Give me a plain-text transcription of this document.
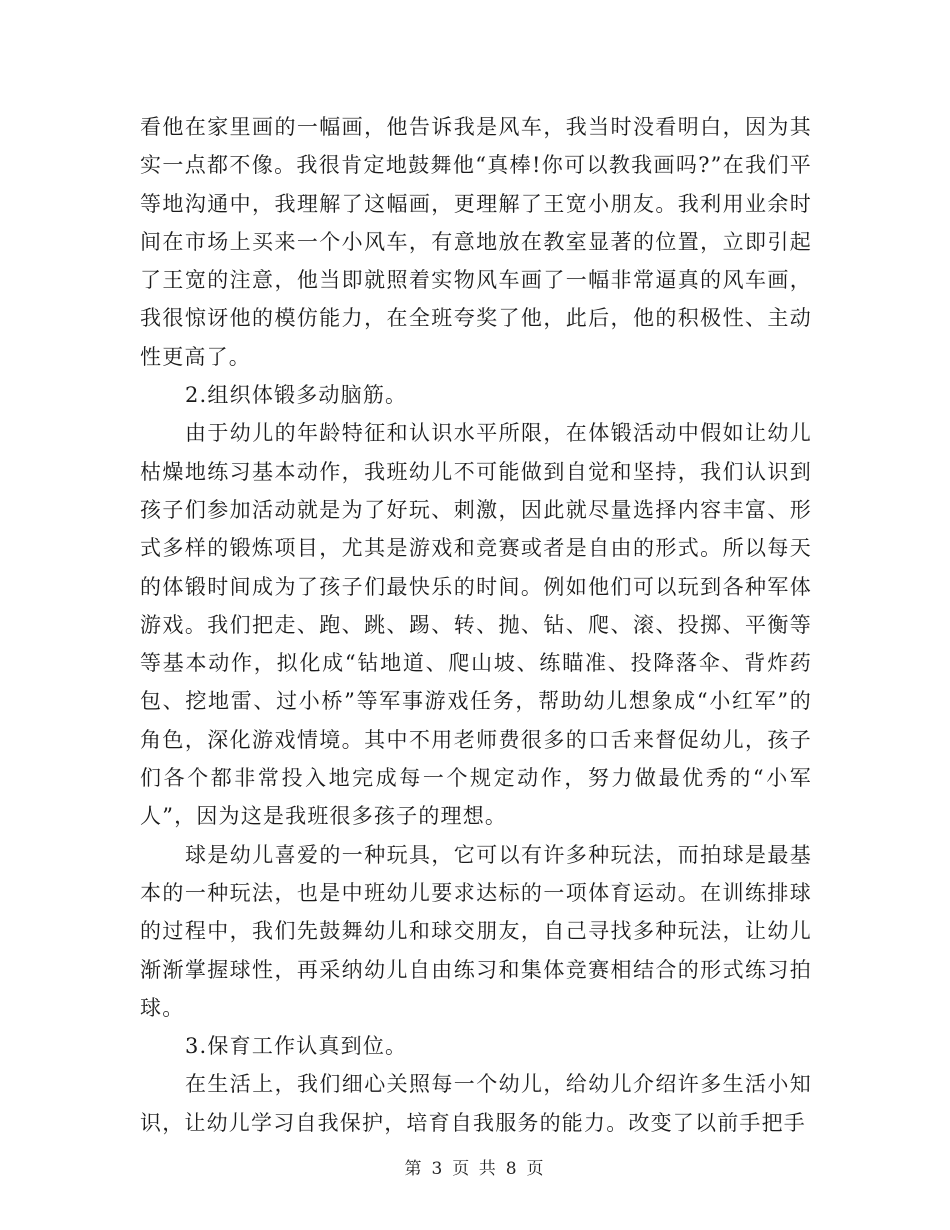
看他在家里画的一幅画，他告诉我是风车，我当时没看明白，因为其实一点都不像。我很肯定地鼓舞他“真棒!你可以教我画吗?”在我们平等地沟通中，我理解了这幅画，更理解了王宽小朋友。我利用业余时间在市场上买来一个小风车，有意地放在教室显著的位置，立即引起了王宽的注意，他当即就照着实物风车画了一幅非常逼真的风车画，我很惊讶他的模仿能力，在全班夸奖了他，此后，他的积极性、主动性更高了。

2.组织体锻多动脑筋。

由于幼儿的年龄特征和认识水平所限，在体锻活动中假如让幼儿枯燥地练习基本动作，我班幼儿不可能做到自觉和坚持，我们认识到孩子们参加活动就是为了好玩、刺激，因此就尽量选择内容丰富、形式多样的锻炼项目，尤其是游戏和竞赛或者是自由的形式。所以每天的体锻时间成为了孩子们最快乐的时间。例如他们可以玩到各种军体游戏。我们把走、跑、跳、踢、转、抛、钻、爬、滚、投掷、平衡等等基本动作，拟化成“钻地道、爬山坡、练瞄准、投降落伞、背炸药包、挖地雷、过小桥”等军事游戏任务，帮助幼儿想象成“小红军”的角色，深化游戏情境。其中不用老师费很多的口舌来督促幼儿，孩子们各个都非常投入地完成每一个规定动作，努力做最优秀的“小军人”，因为这是我班很多孩子的理想。

球是幼儿喜爱的一种玩具，它可以有许多种玩法，而拍球是最基本的一种玩法，也是中班幼儿要求达标的一项体育运动。在训练排球的过程中，我们先鼓舞幼儿和球交朋友，自己寻找多种玩法，让幼儿渐渐掌握球性，再采纳幼儿自由练习和集体竞赛相结合的形式练习拍球。

3.保育工作认真到位。

在生活上，我们细心关照每一个幼儿，给幼儿介绍许多生活小知识，让幼儿学习自我保护，培育自我服务的能力。改变了以前手把手

第 3 页 共 8 页
